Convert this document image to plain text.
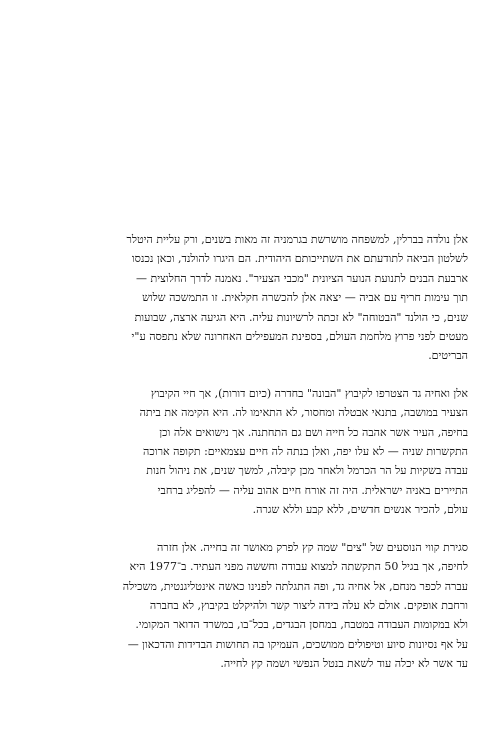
אלן נולדה בברלין, למשפחה מושרשת בגרמניה זה מאות בשנים, ורק עליית היטלר
לשלטון הביאה לתודעתם את השתייכותם היהודית. הם היגרו להולנד, וכאן נכנסו
ארבעת הבנים לתנועת הנוער הציונית "מכבי הצעיר". נאמנה לדרך החלוצית —
תוך עימות חריף עם אביה — יצאה אלן להכשרה חקלאית. זו התמשכה שלוש
שנים, כי הולנד "הבטוחה" לא זכתה לרשיונות עליה. היא הגיעה ארצה, שבועות
מעטים לפני פרוץ מלחמת העולם, בספינת המעפילים האחרונה שלא נתפסה ע"י
הבריטים.

אלן ואחיה גד הצטרפו לקיבוץ "הבונה" בחדרה (כיום דורות), אך חיי הקיבוץ
הצעיר במושבה, בתנאי אבטלה ומחסור, לא התאימו לה. היא הקימה את ביתה
בחיפה, העיר אשר אהבה כל חייה ושם גם התחתנה. אך נישואים אלה וכן
התקשרות שניה — לא עלו יפה, ואלן בנתה לה חיים עצמאיים: תקופה ארוכה
עבדה בשקיות על הר הכרמל ולאחר מכן קיבלה, למשך שנים, את ניהול חנות
התיירים באניה ישראלית. היה זה אורח חיים אהוב עליה — להפליג ברחבי
עולם, להכיר אנשים חדשים, ללא קבע וללא שגרה.

סגירת קווי הנוסעים של "צים" שמה קץ לפרק מאושר זה בחייה. אלן חזרה
לחיפה, אך בגיל 50 התקשתה למצוא עבודה וחששה מפני העתיד. ב־1977 היא
עברה לכפר מנחם, אל אחיה גד, ופה התגלתה לפנינו כאשה אינטליגנטית, משכילה
ורחבת אופקים. אולם לא עלה בידה ליצור קשר ולהיקלט בקיבוץ, לא בחברה
ולא במקומות העבודה במטבח, במחסן הבגדים, בכל־בו, במשרד הדואר המקומי.
על אף נסיונות סיוע וטיפולים ממושכים, העמיקו בה תחושות הבדידות והדכאון —
עד אשר לא יכלה עוד לשאת בנטל הנפשי ושמה קץ לחייה.
